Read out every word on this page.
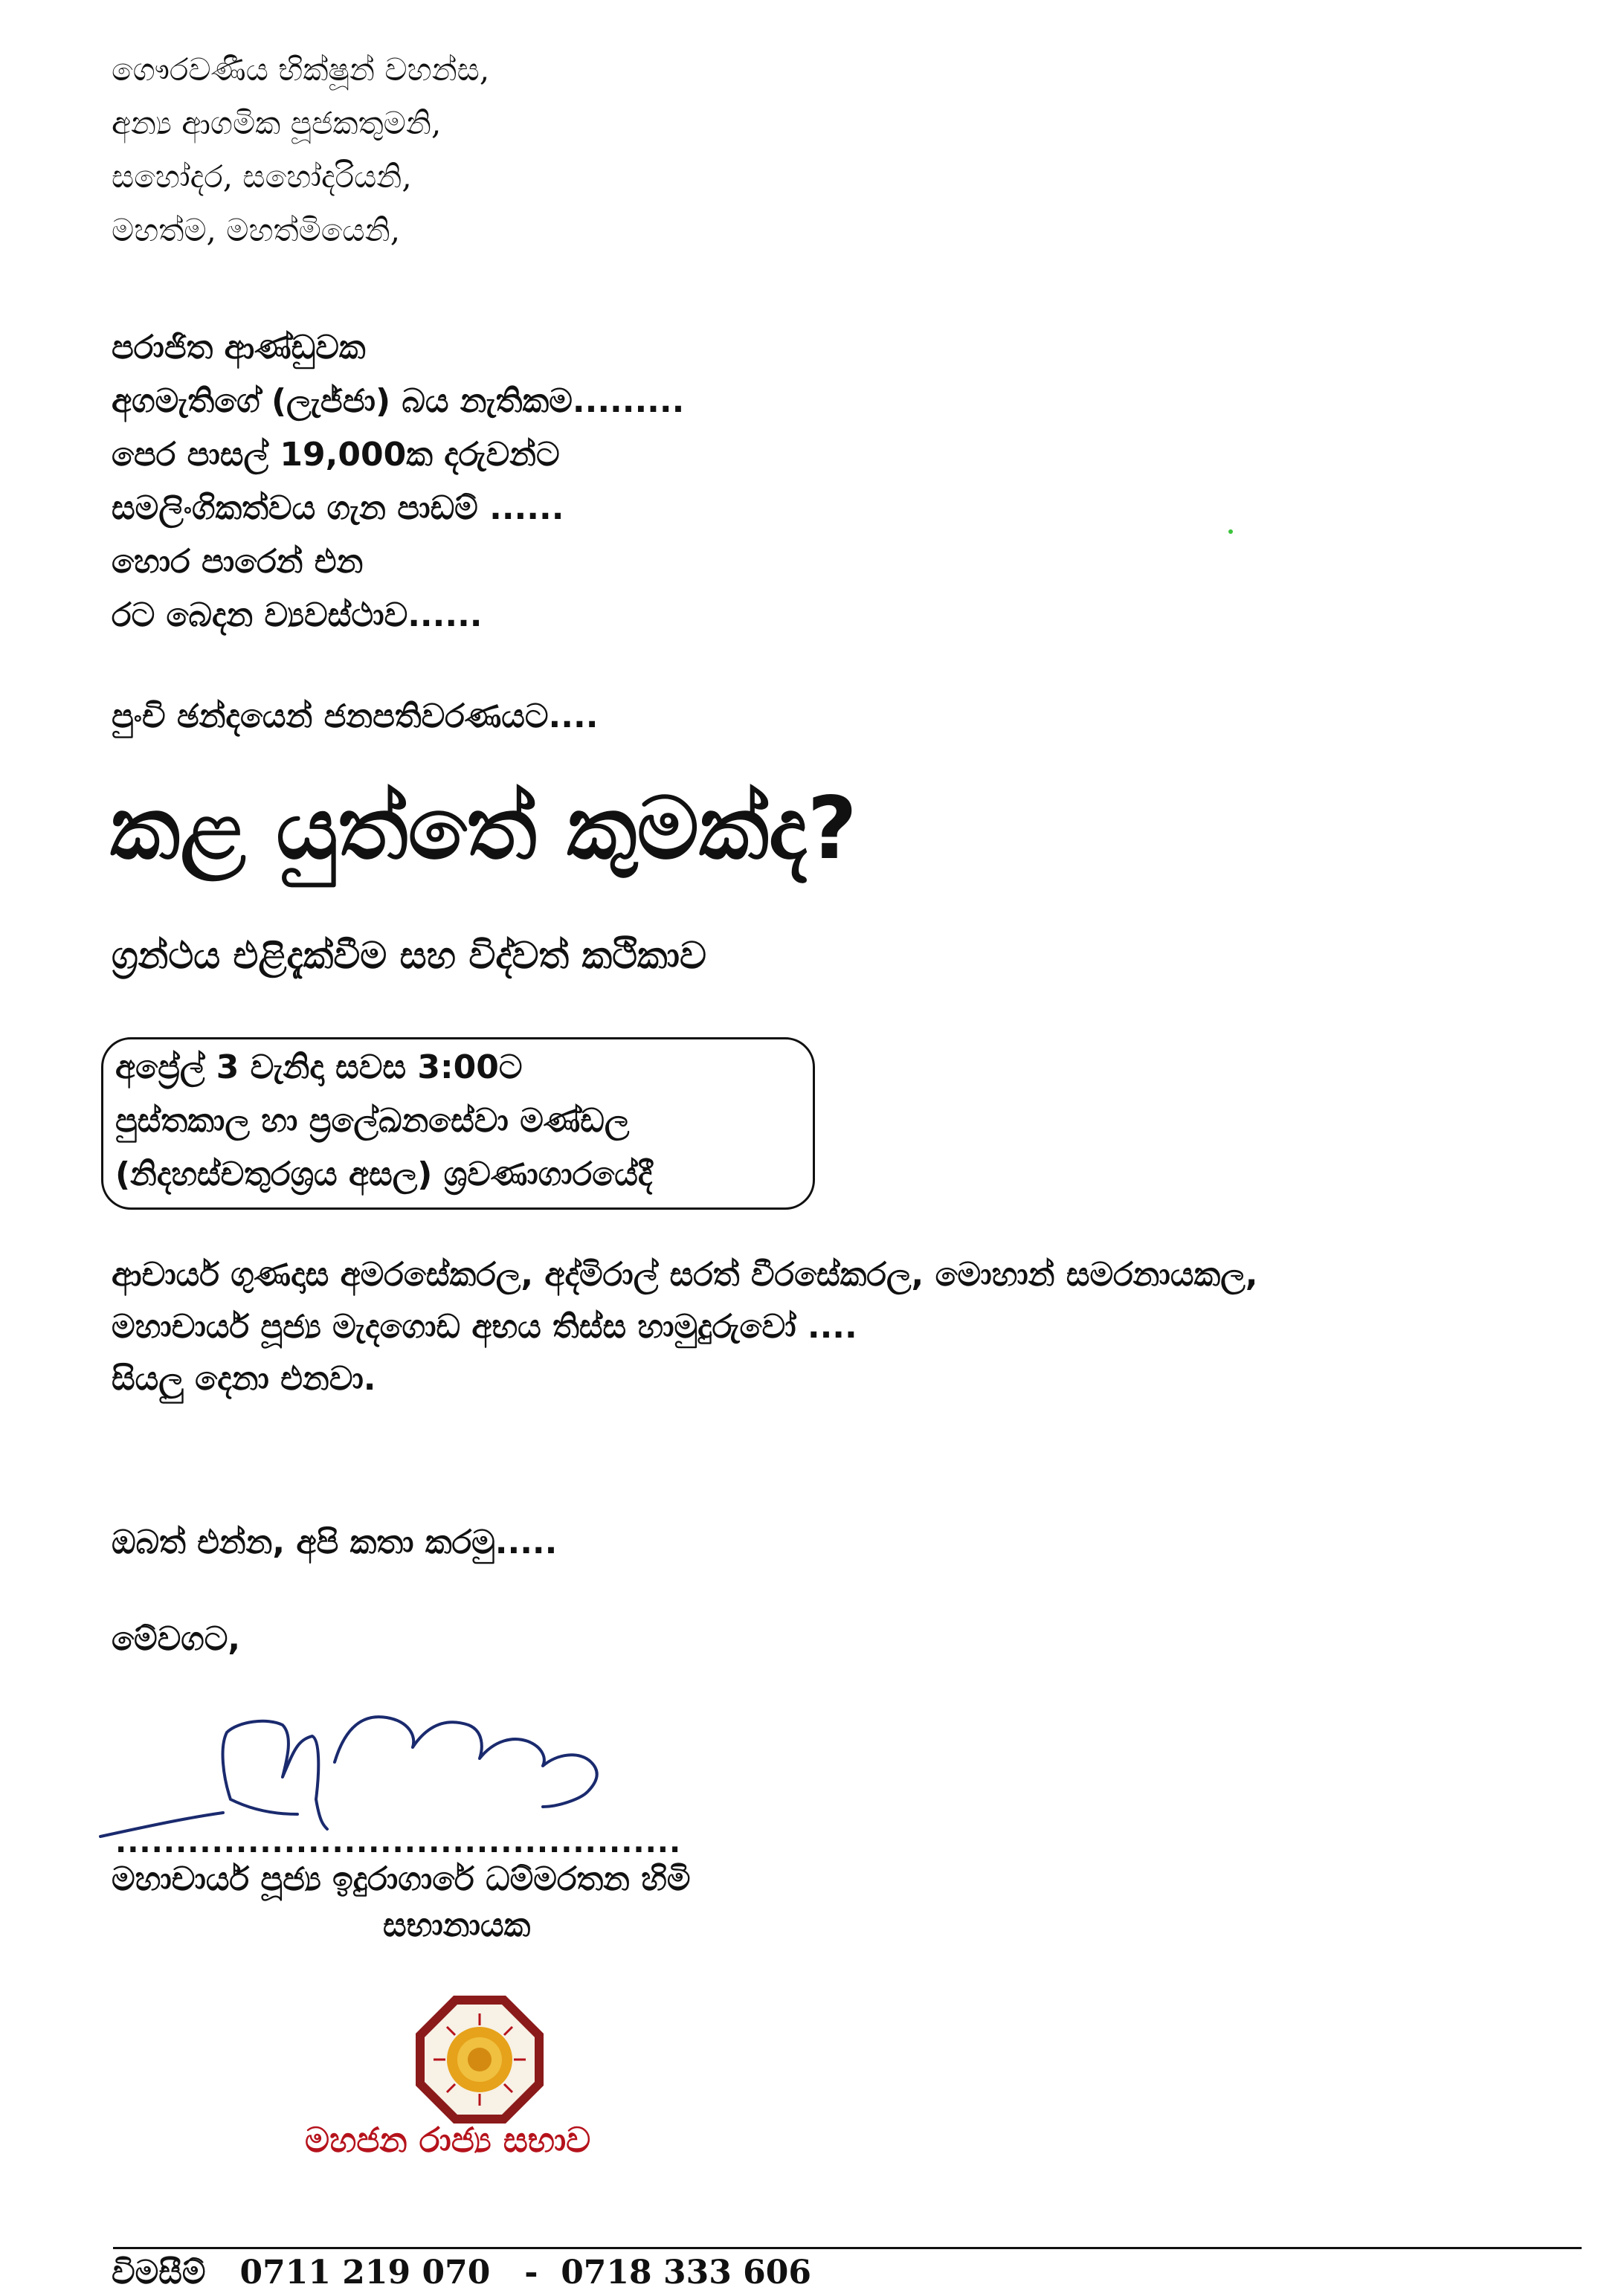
ගෞරවණීය භික්ෂූන් වහන්ස,
අන්‍ය ආගමික පූජකතුමනි,
සහෝදර, සහෝදරියනි,
මහත්ම, මහත්මියෙනි,
පරාජිත ආණ්ඩුවක
අගමැතිගේ (ලැජ්ජා) බය නැතිකම.........
පෙර පාසල් 19,000ක දරුවන්ට
සමලිංගිකත්වය ගැන පාඩම් ......
හොර පාරෙන් එන
රට බෙදන ව්‍යවස්ථාව......
පුංචි ඡන්දයෙන් ජනපතිවරණයට....
කළ යුත්තේ කුමක්ද?
ග්‍රන්ථය එළිදැක්වීම සහ විද්වත් කථිකාව
අප්‍රේල් 3 වැනිදා සවස 3:00ට
පුස්තකාල හා ප්‍රලේඛනසේවා මණ්ඩල
(නිදහස්චතුරශ්‍රය අසල) ශ්‍රවණාගාරයේදී
ආචාර්ය ගුණදාස අමරසේකරල, අද්මිරාල් සරත් වීරසේකරල, මොහාන් සමරනායකල,
මහාචාර්ය පූජ්‍ය මැදගොඩ අභය තිස්ස හාමුදුරුවෝ ....
සියලු දෙනා එනවා.
ඔබත් එන්න, අපි කතා කරමු.....
මේවගට,
...............................................
මහාචාර්ය පූජ්‍ය ඉදුරාගාරේ ධම්මරතන හිමි
සභානායක
මහජන රාජ්‍ය සභාව
විමසීම් 0711 219 070 - 0718 333 606
